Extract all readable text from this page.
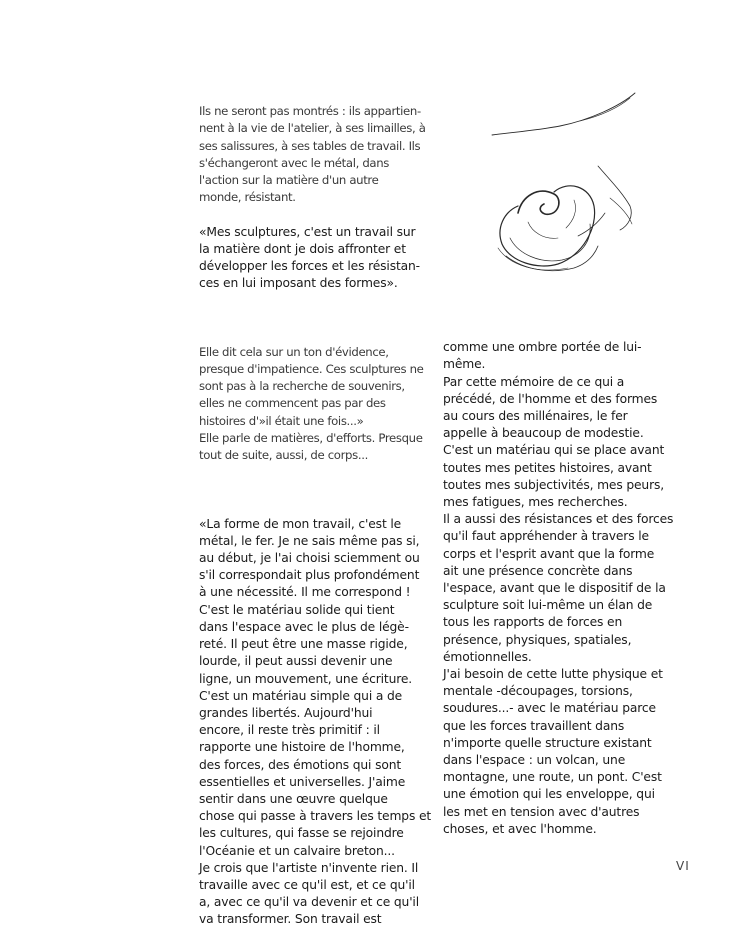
Ils ne seront pas montrés : ils appartien-
nent à la vie de l'atelier, à ses limailles, à
ses salissures, à ses tables de travail. Ils
s'échangeront avec le métal, dans
l'action sur la matière d'un autre
monde, résistant.

«Mes sculptures, c'est un travail sur
la matière dont je dois affronter et
développer les forces et les résistan-
ces en lui imposant des formes».

Elle dit cela sur un ton d'évidence,
presque d'impatience. Ces sculptures ne
sont pas à la recherche de souvenirs,
elles ne commencent pas par des
histoires d'»il était une fois...»
Elle parle de matières, d'efforts. Presque
tout de suite, aussi, de corps...

«La forme de mon travail, c'est le
métal, le fer. Je ne sais même pas si,
au début, je l'ai choisi sciemment ou
s'il correspondait plus profondément
à une nécessité. Il me correspond !
C'est le matériau solide qui tient
dans l'espace avec le plus de légè-
reté. Il peut être une masse rigide,
lourde, il peut aussi devenir une
ligne, un mouvement, une écriture.
C'est un matériau simple qui a de
grandes libertés. Aujourd'hui
encore, il reste très primitif : il
rapporte une histoire de l'homme,
des forces, des émotions qui sont
essentielles et universelles. J'aime
sentir dans une œuvre quelque
chose qui passe à travers les temps et
les cultures, qui fasse se rejoindre
l'Océanie et un calvaire breton...
Je crois que l'artiste n'invente rien. Il
travaille avec ce qu'il est, et ce qu'il
a, avec ce qu'il va devenir et ce qu'il
va transformer. Son travail est

comme une ombre portée de lui-
même.
Par cette mémoire de ce qui a
précédé, de l'homme et des formes
au cours des millénaires, le fer
appelle à beaucoup de modestie.
C'est un matériau qui se place avant
toutes mes petites histoires, avant
toutes mes subjectivités, mes peurs,
mes fatigues, mes recherches.
Il a aussi des résistances et des forces
qu'il faut appréhender à travers le
corps et l'esprit avant que la forme
ait une présence concrète dans
l'espace, avant que le dispositif de la
sculpture soit lui-même un élan de
tous les rapports de forces en
présence, physiques, spatiales,
émotionnelles.
J'ai besoin de cette lutte physique et
mentale -découpages, torsions,
soudures...- avec le matériau parce
que les forces travaillent dans
n'importe quelle structure existant
dans l'espace : un volcan, une
montagne, une route, un pont. C'est
une émotion qui les enveloppe, qui
les met en tension avec d'autres
choses, et avec l'homme.

VI
